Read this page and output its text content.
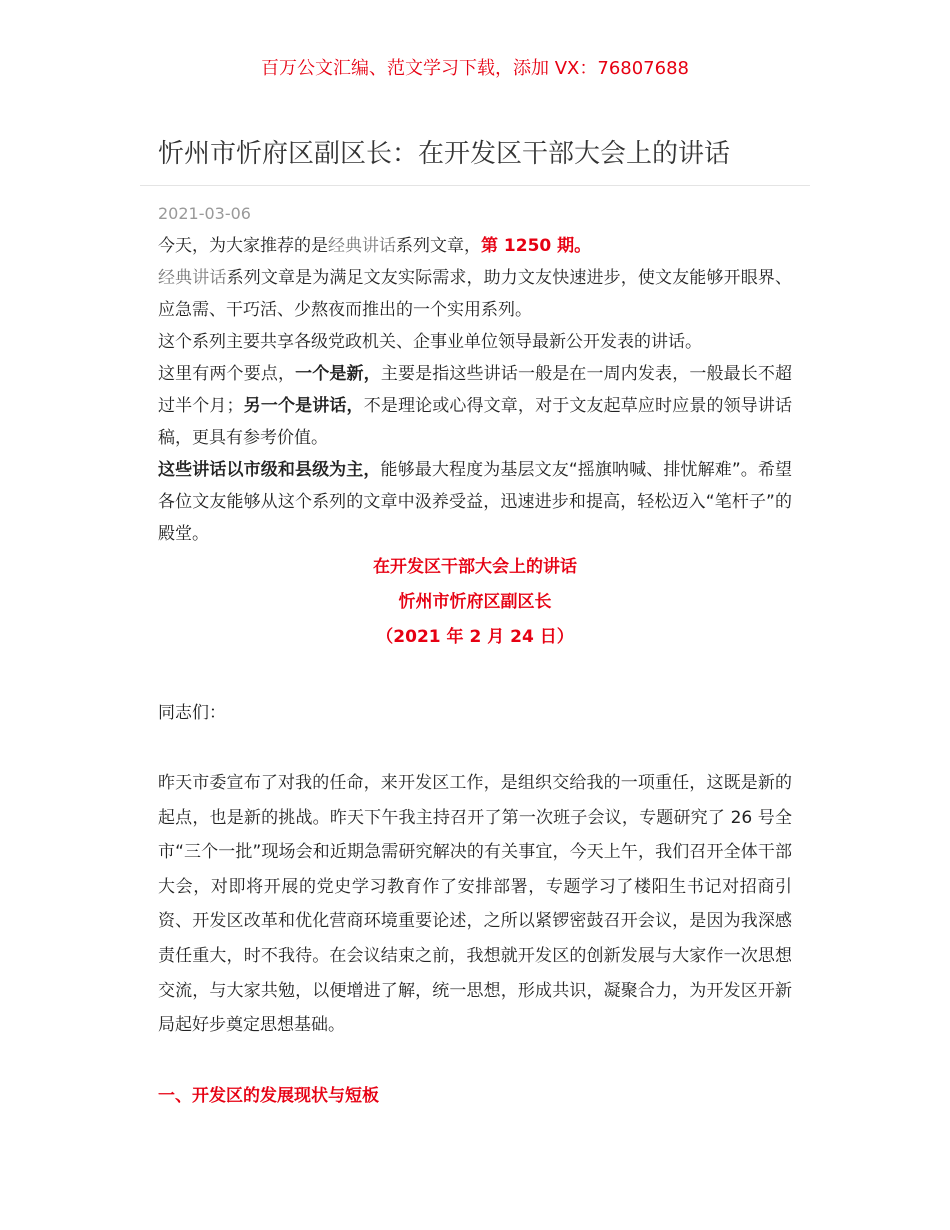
百万公文汇编、范文学习下载，添加 VX：76807688
忻州市忻府区副区长：在开发区干部大会上的讲话
2021-03-06

今天，为大家推荐的是经典讲话系列文章，第 1250 期。

经典讲话系列文章是为满足文友实际需求，助力文友快速进步，使文友能够开眼界、应急需、干巧活、少熬夜而推出的一个实用系列。

这个系列主要共享各级党政机关、企事业单位领导最新公开发表的讲话。

这里有两个要点，一个是新，主要是指这些讲话一般是在一周内发表，一般最长不超过半个月；另一个是讲话，不是理论或心得文章，对于文友起草应时应景的领导讲话稿，更具有参考价值。

这些讲话以市级和县级为主，能够最大程度为基层文友“摇旗呐喊、排忧解难”。希望各位文友能够从这个系列的文章中汲养受益，迅速进步和提高，轻松迈入“笔杆子”的殿堂。

在开发区干部大会上的讲话

忻州市忻府区副区长

（2021 年 2 月 24 日）

同志们：

昨天市委宣布了对我的任命，来开发区工作，是组织交给我的一项重任，这既是新的起点，也是新的挑战。昨天下午我主持召开了第一次班子会议，专题研究了 26 号全市“三个一批”现场会和近期急需研究解决的有关事宜，今天上午，我们召开全体干部大会，对即将开展的党史学习教育作了安排部署，专题学习了楼阳生书记对招商引资、开发区改革和优化营商环境重要论述，之所以紧锣密鼓召开会议，是因为我深感责任重大，时不我待。在会议结束之前，我想就开发区的创新发展与大家作一次思想交流，与大家共勉，以便增进了解，统一思想，形成共识，凝聚合力，为开发区开新局起好步奠定思想基础。

一、开发区的发展现状与短板
